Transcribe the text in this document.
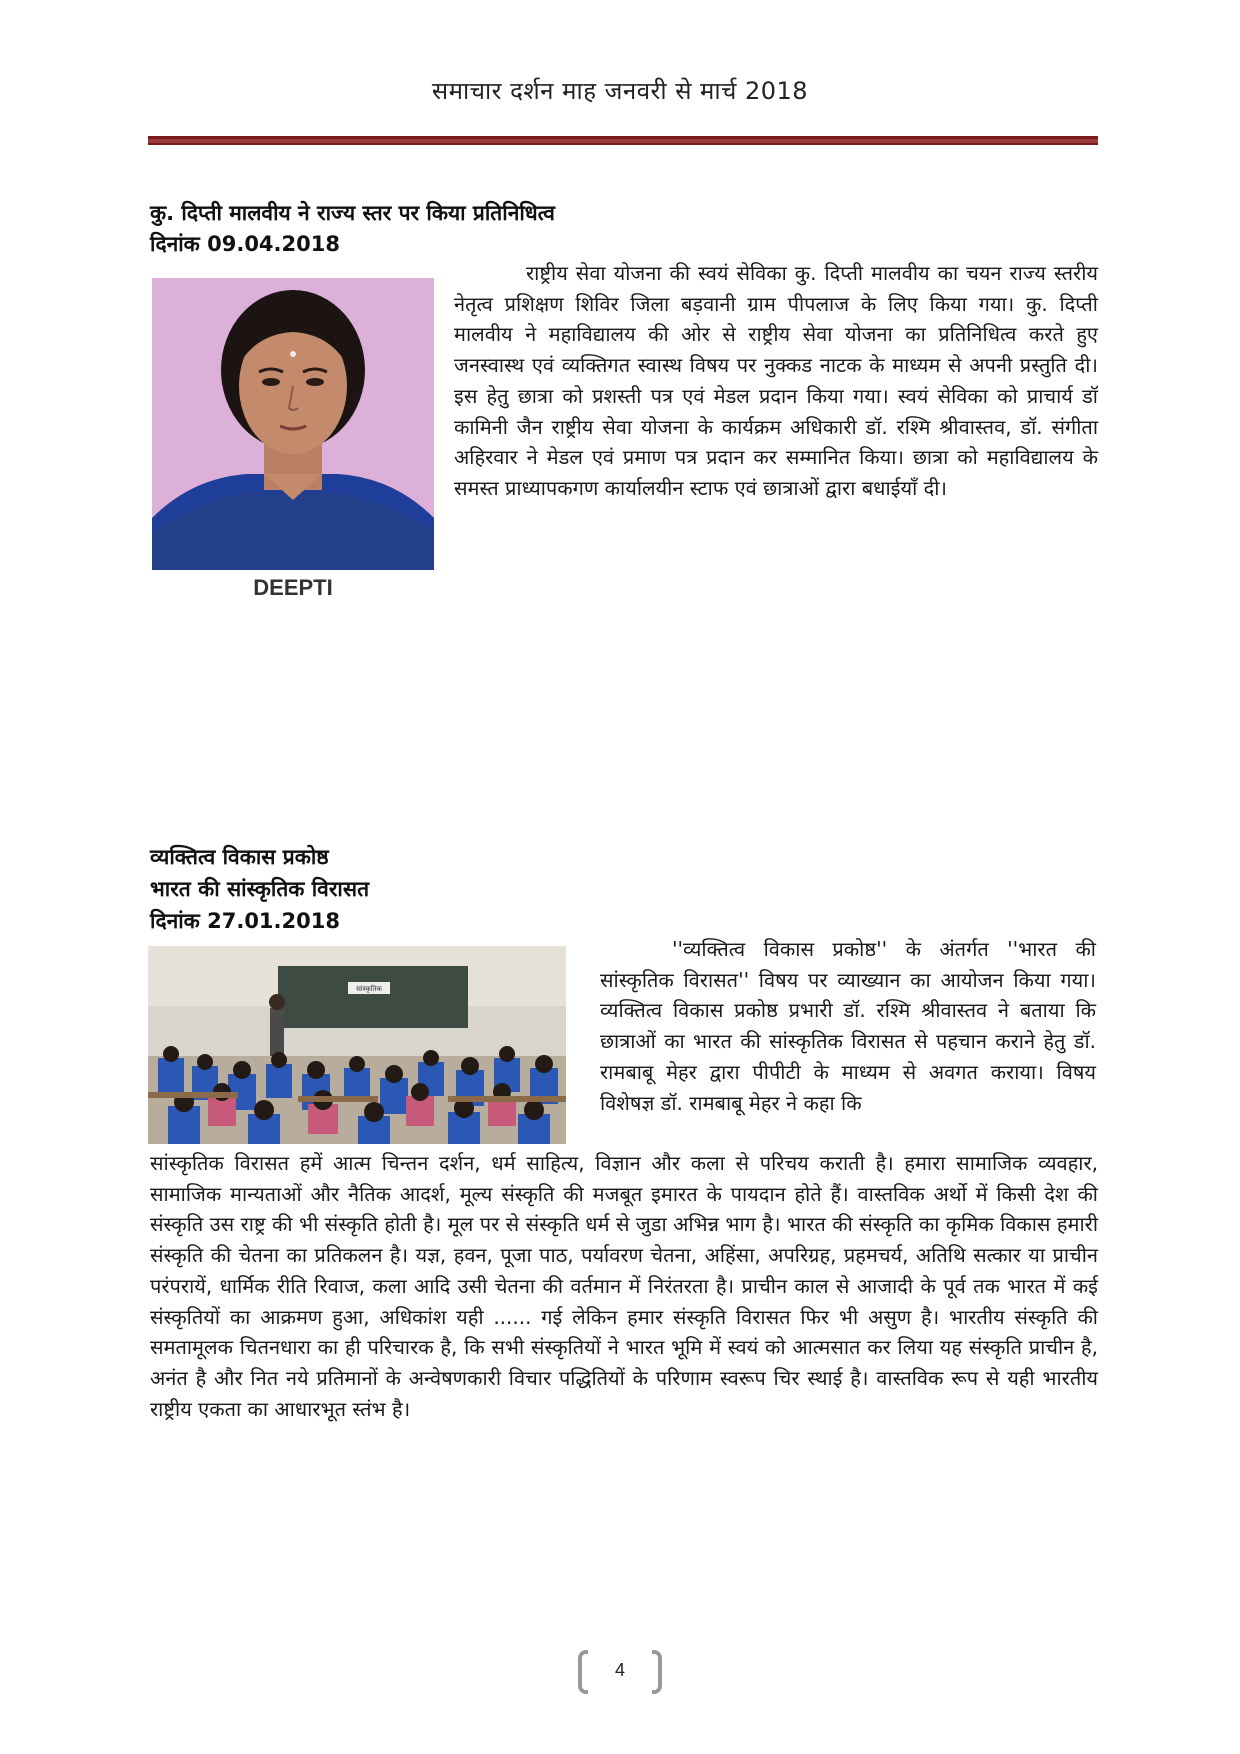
समाचार दर्शन माह जनवरी से मार्च 2018
कु. दिप्ती मालवीय ने राज्य स्तर पर किया प्रतिनिधित्व
दिनांक 09.04.2018
DEEPTI

राष्ट्रीय सेवा योजना की स्वयं सेविका कु. दिप्ती मालवीय का चयन राज्य स्तरीय नेतृत्व प्रशिक्षण शिविर जिला बड़वानी ग्राम पीपलाज के लिए किया गया। कु. दिप्ती मालवीय ने महाविद्यालय की ओर से राष्ट्रीय सेवा योजना का प्रतिनिधित्व करते हुए जनस्वास्थ एवं व्यक्तिगत स्वास्थ विषय पर नुक्कड नाटक के माध्यम से अपनी प्रस्तुति दी। इस हेतु छात्रा को प्रशस्ती पत्र एवं मेडल प्रदान किया गया। स्वयं सेविका को प्राचार्य डॉ कामिनी जैन राष्ट्रीय सेवा योजना के कार्यक्रम अधिकारी डॉ. रश्मि श्रीवास्तव, डॉ. संगीता अहिरवार ने मेडल एवं प्रमाण पत्र प्रदान कर सम्मानित किया। छात्रा को महाविद्यालय के समस्त प्राध्यापकगण कार्यालयीन स्टाफ एवं छात्राओं द्वारा बधाईयाँ दी।

व्यक्तित्व विकास प्रकोष्ठ
भारत की सांस्कृतिक विरासत
दिनांक 27.01.2018
सांस्कृतिक

''व्यक्तित्व विकास प्रकोष्ठ'' के अंतर्गत ''भारत की सांस्कृतिक विरासत'' विषय पर व्याख्यान का आयोजन किया गया। व्यक्तित्व विकास प्रकोष्ठ प्रभारी डॉ. रश्मि श्रीवास्तव ने बताया कि छात्राओं का भारत की सांस्कृतिक विरासत से पहचान कराने हेतु डॉ. रामबाबू मेहर द्वारा पीपीटी के माध्यम से अवगत कराया। विषय विशेषज्ञ डॉ. रामबाबू मेहर ने कहा कि

सांस्कृतिक विरासत हमें आत्म चिन्तन दर्शन, धर्म साहित्य, विज्ञान और कला से परिचय कराती है। हमारा सामाजिक व्यवहार, सामाजिक मान्यताओं और नैतिक आदर्श, मूल्य संस्कृति की मजबूत इमारत के पायदान होते हैं। वास्तविक अर्थो में किसी देश की संस्कृति उस राष्ट्र की भी संस्कृति होती है। मूल पर से संस्कृति धर्म से जुडा अभिन्न भाग है। भारत की संस्कृति का कृमिक विकास हमारी संस्कृति की चेतना का प्रतिकलन है। यज्ञ, हवन, पूजा पाठ, पर्यावरण चेतना, अहिंसा, अपरिग्रह, प्रहमचर्य, अतिथि सत्कार या प्राचीन परंपरायें, धार्मिक रीति रिवाज, कला आदि उसी चेतना की वर्तमान में निरंतरता है। प्राचीन काल से आजादी के पूर्व तक भारत में कई संस्कृतियों का आक्रमण हुआ, अधिकांश यही ...... गई लेकिन हमार संस्कृति विरासत फिर भी असुण है। भारतीय संस्कृति की समतामूलक चितनधारा का ही परिचारक है, कि सभी संस्कृतियों ने भारत भूमि में स्वयं को आत्मसात कर लिया यह संस्कृति प्राचीन है, अनंत है और नित नये प्रतिमानों के अन्वेषणकारी विचार पद्धितियों के परिणाम स्वरूप चिर स्थाई है। वास्तविक रूप से यही भारतीय राष्ट्रीय एकता का आधारभूत स्तंभ है।

4
